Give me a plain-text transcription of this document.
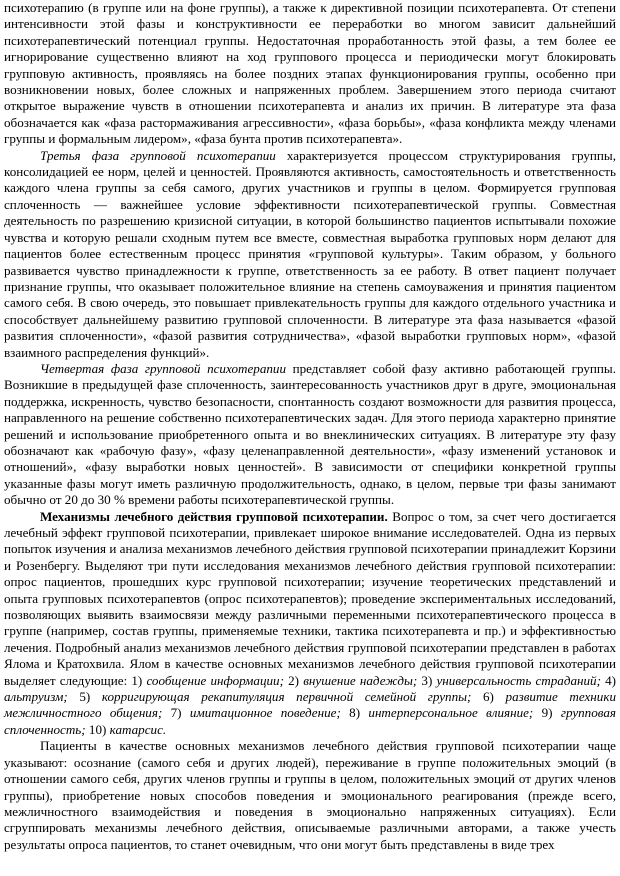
психотерапию (в группе или на фоне группы), а также к директивной позиции психотерапевта. От степени интенсивности этой фазы и конструктивности ее переработки во многом зависит дальнейший психотерапевтический потенциал группы. Недостаточная проработанность этой фазы, а тем более ее игнорирование существенно влияют на ход группового процесса и периодически могут блокировать групповую активность, проявляясь на более поздних этапах функционирования группы, особенно при возникновении новых, более сложных и напряженных проблем. Завершением этого периода считают открытое выражение чувств в отношении психотерапевта и анализ их причин. В литературе эта фаза обозначается как «фаза растормаживания агрессивности», «фаза борьбы», «фаза конфликта между членами группы и формальным лидером», «фаза бунта против психотерапевта».

Третья фаза групповой психотерапии характеризуется процессом структурирования группы, консолидацией ее норм, целей и ценностей. Проявляются активность, самостоятельность и ответственность каждого члена группы за себя самого, других участников и группы в целом. Формируется групповая сплоченность — важнейшее условие эффективности психотерапевтической группы. Совместная деятельность по разрешению кризисной ситуации, в которой большинство пациентов испытывали похожие чувства и которую решали сходным путем все вместе, совместная выработка групповых норм делают для пациентов более естественным процесс принятия «групповой культуры». Таким образом, у больного развивается чувство принадлежности к группе, ответственность за ее работу. В ответ пациент получает признание группы, что оказывает положительное влияние на степень самоуважения и принятия пациентом самого себя. В свою очередь, это повышает привлекательность группы для каждого отдельного участника и способствует дальнейшему развитию групповой сплоченности. В литературе эта фаза называется «фазой развития сплоченности», «фазой развития сотрудничества», «фазой выработки групповых норм», «фазой взаимного распределения функций».

Четвертая фаза групповой психотерапии представляет собой фазу активно работающей группы. Возникшие в предыдущей фазе сплоченность, заинтересованность участников друг в друге, эмоциональная поддержка, искренность, чувство безопасности, спонтанность создают возможности для развития процесса, направленного на решение собственно психотерапевтических задач. Для этого периода характерно принятие решений и использование приобретенного опыта и во внеклинических ситуациях. В литературе эту фазу обозначают как «рабочую фазу», «фазу целенаправленной деятельности», «фазу изменений установок и отношений», «фазу выработки новых ценностей». В зависимости от специфики конкретной группы указанные фазы могут иметь различную продолжительность, однако, в целом, первые три фазы занимают обычно от 20 до 30 % времени работы психотерапевтической группы.

Механизмы лечебного действия групповой психотерапии. Вопрос о том, за счет чего достигается лечебный эффект групповой психотерапии, привлекает широкое внимание исследователей. Одна из первых попыток изучения и анализа механизмов лечебного действия групповой психотерапии принадлежит Корзини и Розенбергу. Выделяют три пути исследования механизмов лечебного действия групповой психотерапии: опрос пациентов, прошедших курс групповой психотерапии; изучение теоретических представлений и опыта групповых психотерапевтов (опрос психотерапевтов); проведение экспериментальных исследований, позволяющих выявить взаимосвязи между различными переменными психотерапевтического процесса в группе (например, состав группы, применяемые техники, тактика психотерапевта и пр.) и эффективностью лечения. Подробный анализ механизмов лечебного действия групповой психотерапии представлен в работах Ялома и Кратохвила. Ялом в качестве основных механизмов лечебного действия групповой психотерапии выделяет следующие: 1) сообщение информации; 2) внушение надежды; 3) универсальность страданий; 4) альтруизм; 5) корригирующая рекапитуляция первичной семейной группы; 6) развитие техники межличностного общения; 7) имитационное поведение; 8) интерперсональное влияние; 9) групповая сплоченность; 10) катарсис.

Пациенты в качестве основных механизмов лечебного действия групповой психотерапии чаще указывают: осознание (самого себя и других людей), переживание в группе положительных эмоций (в отношении самого себя, других членов группы и группы в целом, положительных эмоций от других членов группы), приобретение новых способов поведения и эмоционального реагирования (прежде всего, межличностного взаимодействия и поведения в эмоционально напряженных ситуациях). Если сгруппировать механизмы лечебного действия, описываемые различными авторами, а также учесть результаты опроса пациентов, то станет очевидным, что они могут быть представлены в виде трех
